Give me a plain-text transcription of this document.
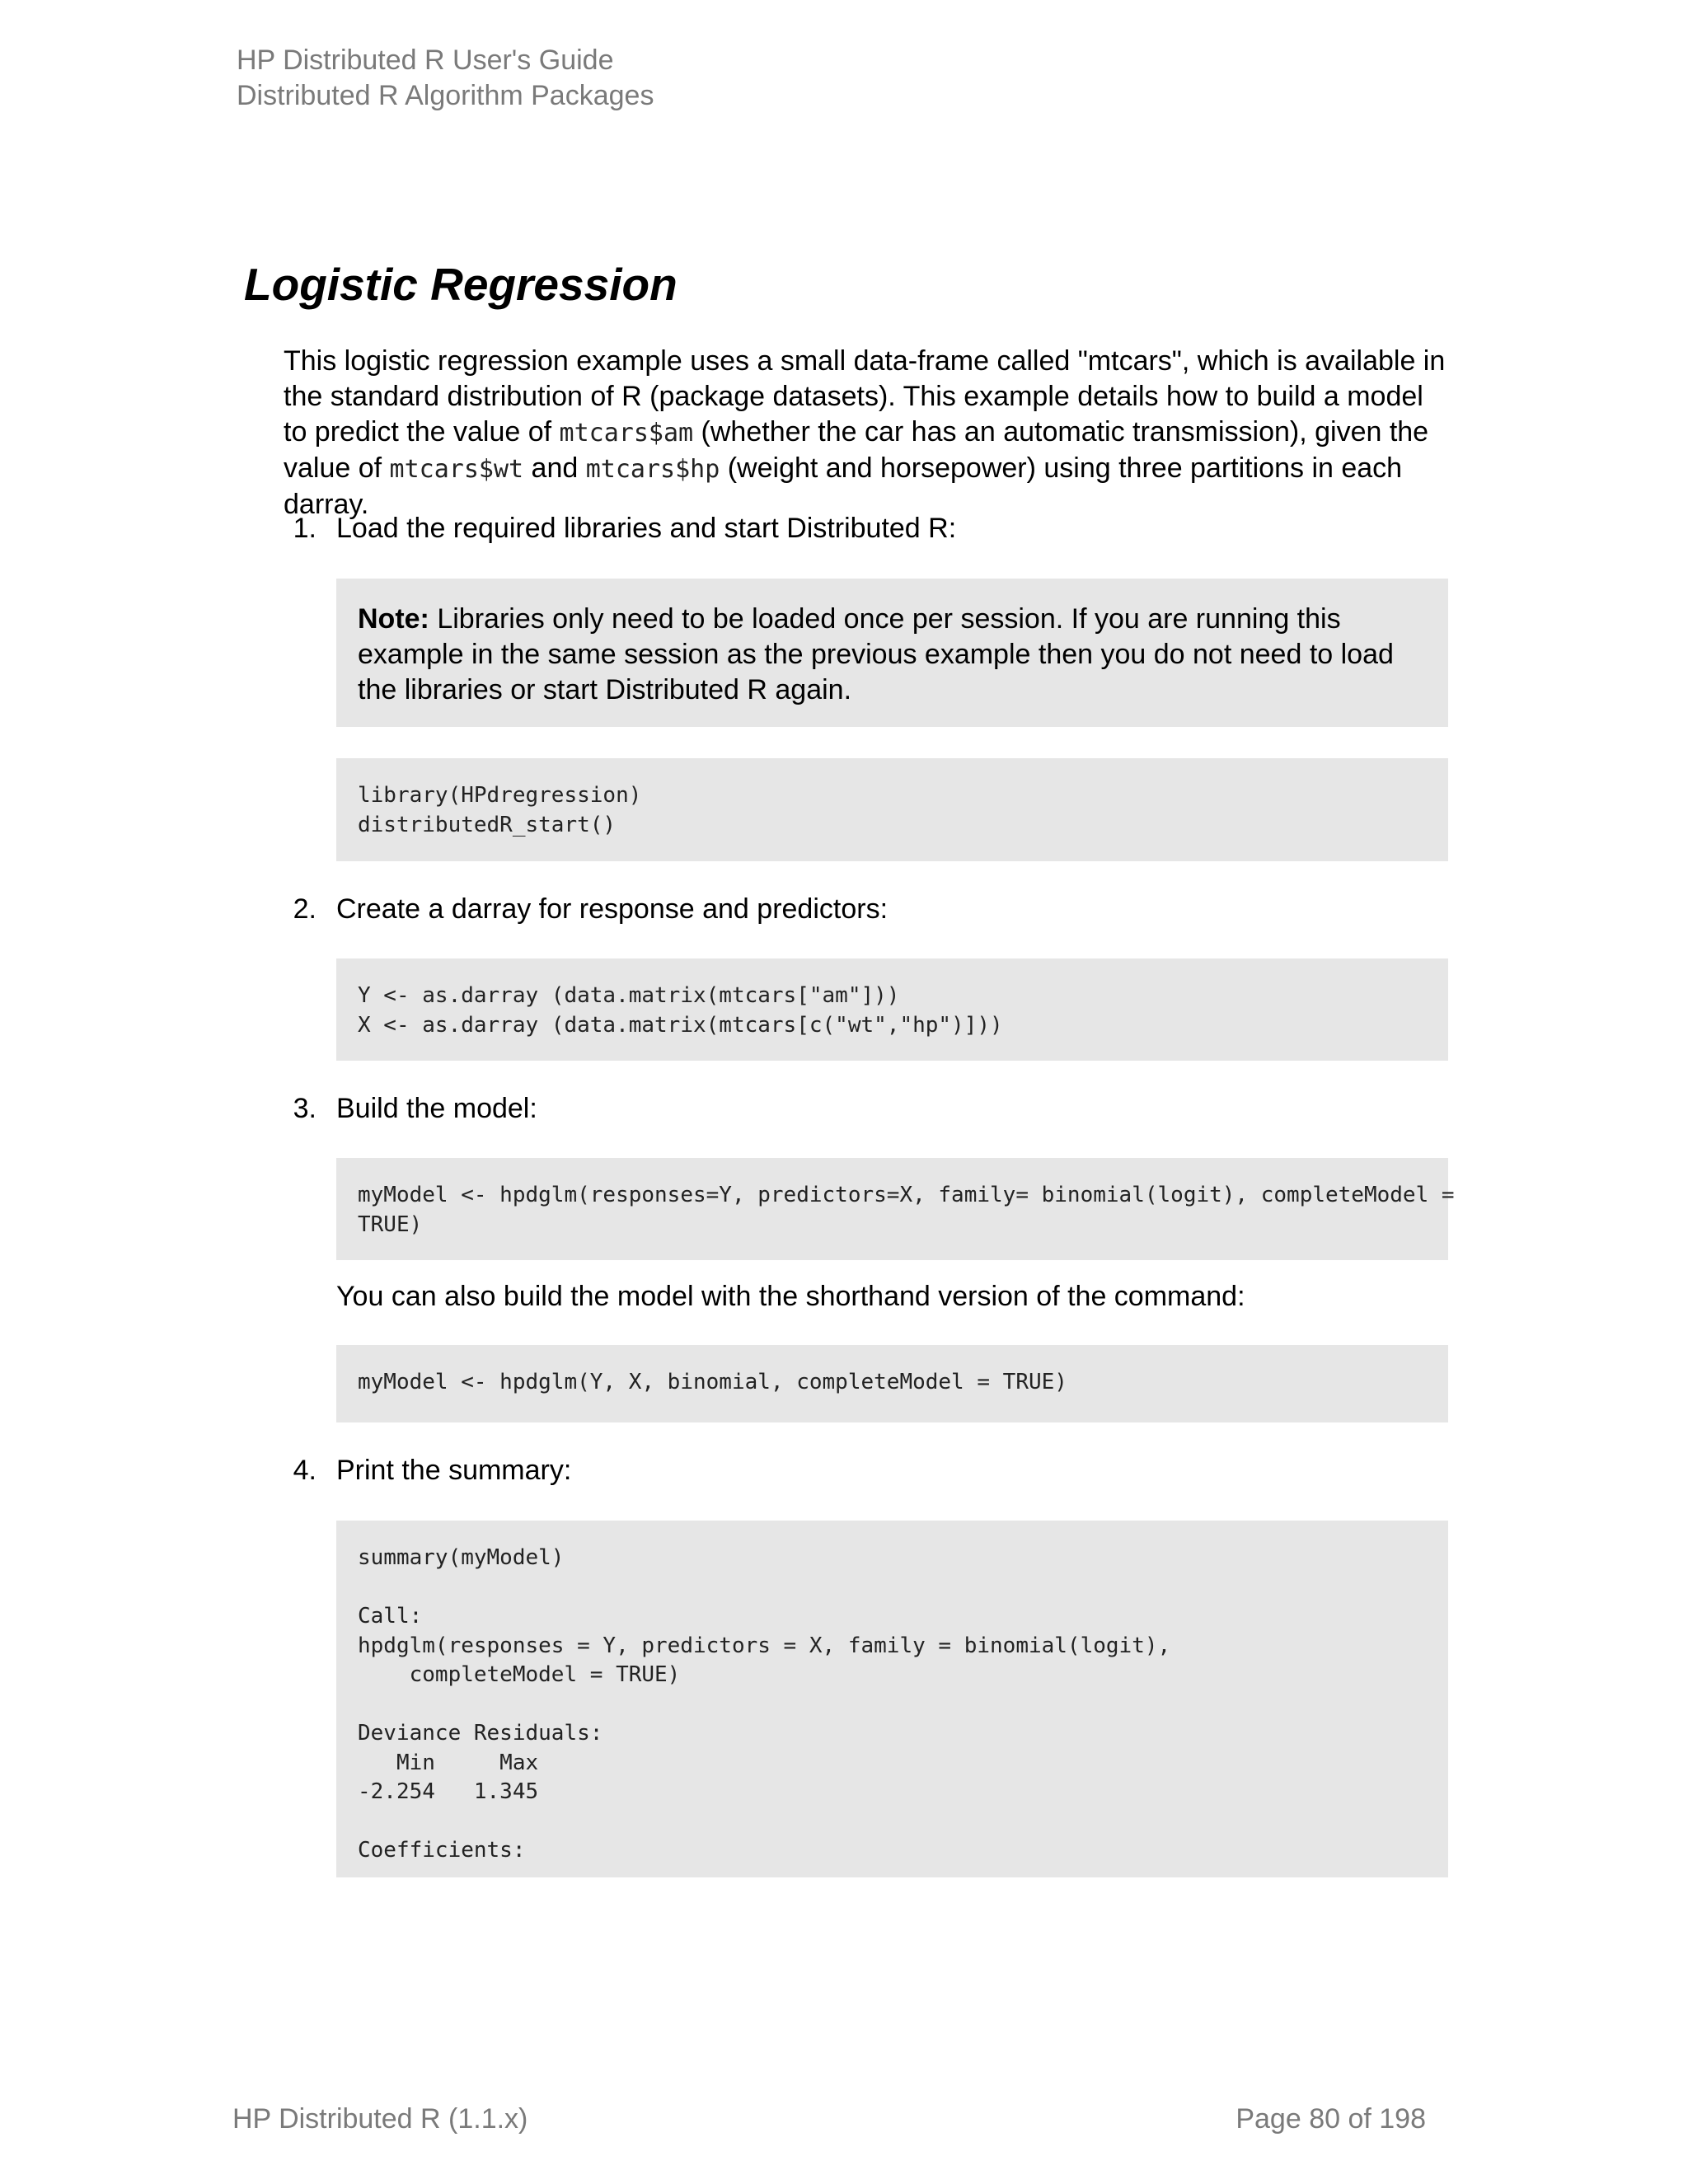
HP Distributed R User's Guide
Distributed R Algorithm Packages
Logistic Regression

This logistic regression example uses a small data-frame called "mtcars", which is available in the standard distribution of R (package datasets). This example details how to build a model to predict the value of mtcars$am (whether the car has an automatic transmission), given the value of mtcars$wt and mtcars$hp (weight and horsepower) using three partitions in each darray.

1. Load the required libraries and start Distributed R:
Note: Libraries only need to be loaded once per session. If you are running this example in the same session as the previous example then you do not need to load the libraries or start Distributed R again.
library(HPdregression)
distributedR_start()
2. Create a darray for response and predictors:
Y <- as.darray (data.matrix(mtcars["am"]))
X <- as.darray (data.matrix(mtcars[c("wt","hp")]))
3. Build the model:
myModel <- hpdglm(responses=Y, predictors=X, family= binomial(logit), completeModel =
TRUE)
You can also build the model with the shorthand version of the command:
myModel <- hpdglm(Y, X, binomial, completeModel = TRUE)
4. Print the summary:
summary(myModel)

Call:
hpdglm(responses = Y, predictors = X, family = binomial(logit),
completeModel = TRUE)

Deviance Residuals:
Min     Max
-2.254   1.345

Coefficients:
HP Distributed R (1.1.x)	Page 80 of 198
